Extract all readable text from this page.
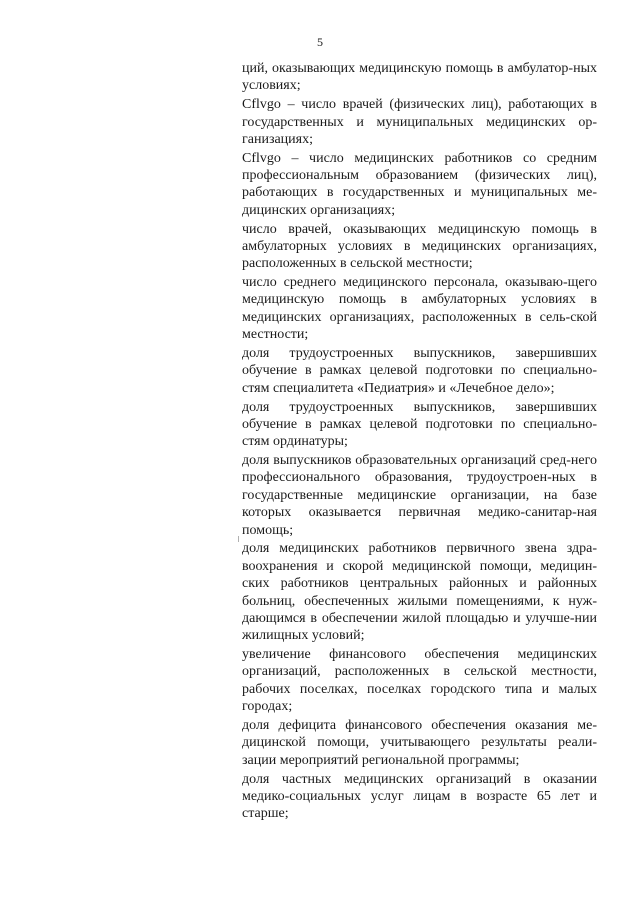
5

ций, оказывающих медицинскую помощь в амбулатор-ных условиях;

Cflvgo – число врачей (физических лиц), работающих в государственных и муниципальных медицинских ор-ганизациях;

Cflvgo – число медицинских работников со средним профессиональным образованием (физических лиц), работающих в государственных и муниципальных ме-дицинских организациях;

число врачей, оказывающих медицинскую помощь в амбулаторных условиях в медицинских организациях, расположенных в сельской местности;

число среднего медицинского персонала, оказываю-щего медицинскую помощь в амбулаторных условиях в медицинских организациях, расположенных в сель-ской местности;

доля трудоустроенных выпускников, завершивших обучение в рамках целевой подготовки по специально-стям специалитета «Педиатрия» и «Лечебное дело»;

доля трудоустроенных выпускников, завершивших обучение в рамках целевой подготовки по специально-стям ординатуры;

доля выпускников образовательных организаций сред-него профессионального образования, трудоустроен-ных в государственные медицинские организации, на базе которых оказывается первичная медико-санитар-ная помощь;

доля медицинских работников первичного звена здра-воохранения и скорой медицинской помощи, медицин-ских работников центральных районных и районных больниц, обеспеченных жилыми помещениями, к нуж-дающимся в обеспечении жилой площадью и улучше-нии жилищных условий;

увеличение финансового обеспечения медицинских организаций, расположенных в сельской местности, рабочих поселках, поселках городского типа и малых городах;

доля дефицита финансового обеспечения оказания ме-дицинской помощи, учитывающего результаты реали-зации мероприятий региональной программы;

доля частных медицинских организаций в оказании медико-социальных услуг лицам в возрасте 65 лет и старше;
